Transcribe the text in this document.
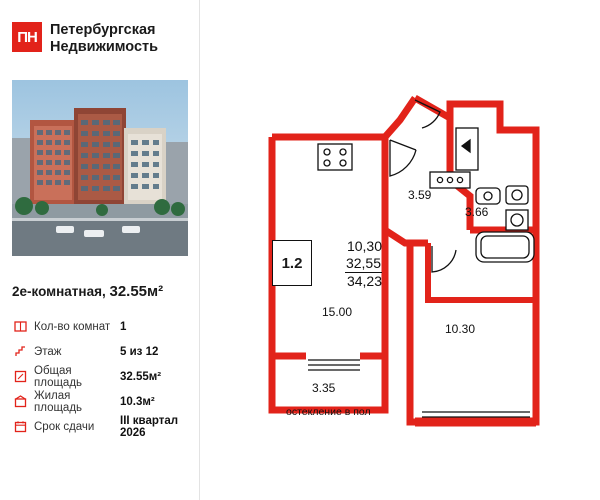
ПН Петербургская
Недвижимость
2е-комнатная, 32.55м²
Кол-во комнат 1
Этаж	5 из 12
Общая площадь	32.55м²
Жилая площадь	10.3м²
Срок сдачи	III квартал 2026
1.2
10,30
32,55
34,23
15.00
10.30
3.59
3.66
3.35
остекление в пол
